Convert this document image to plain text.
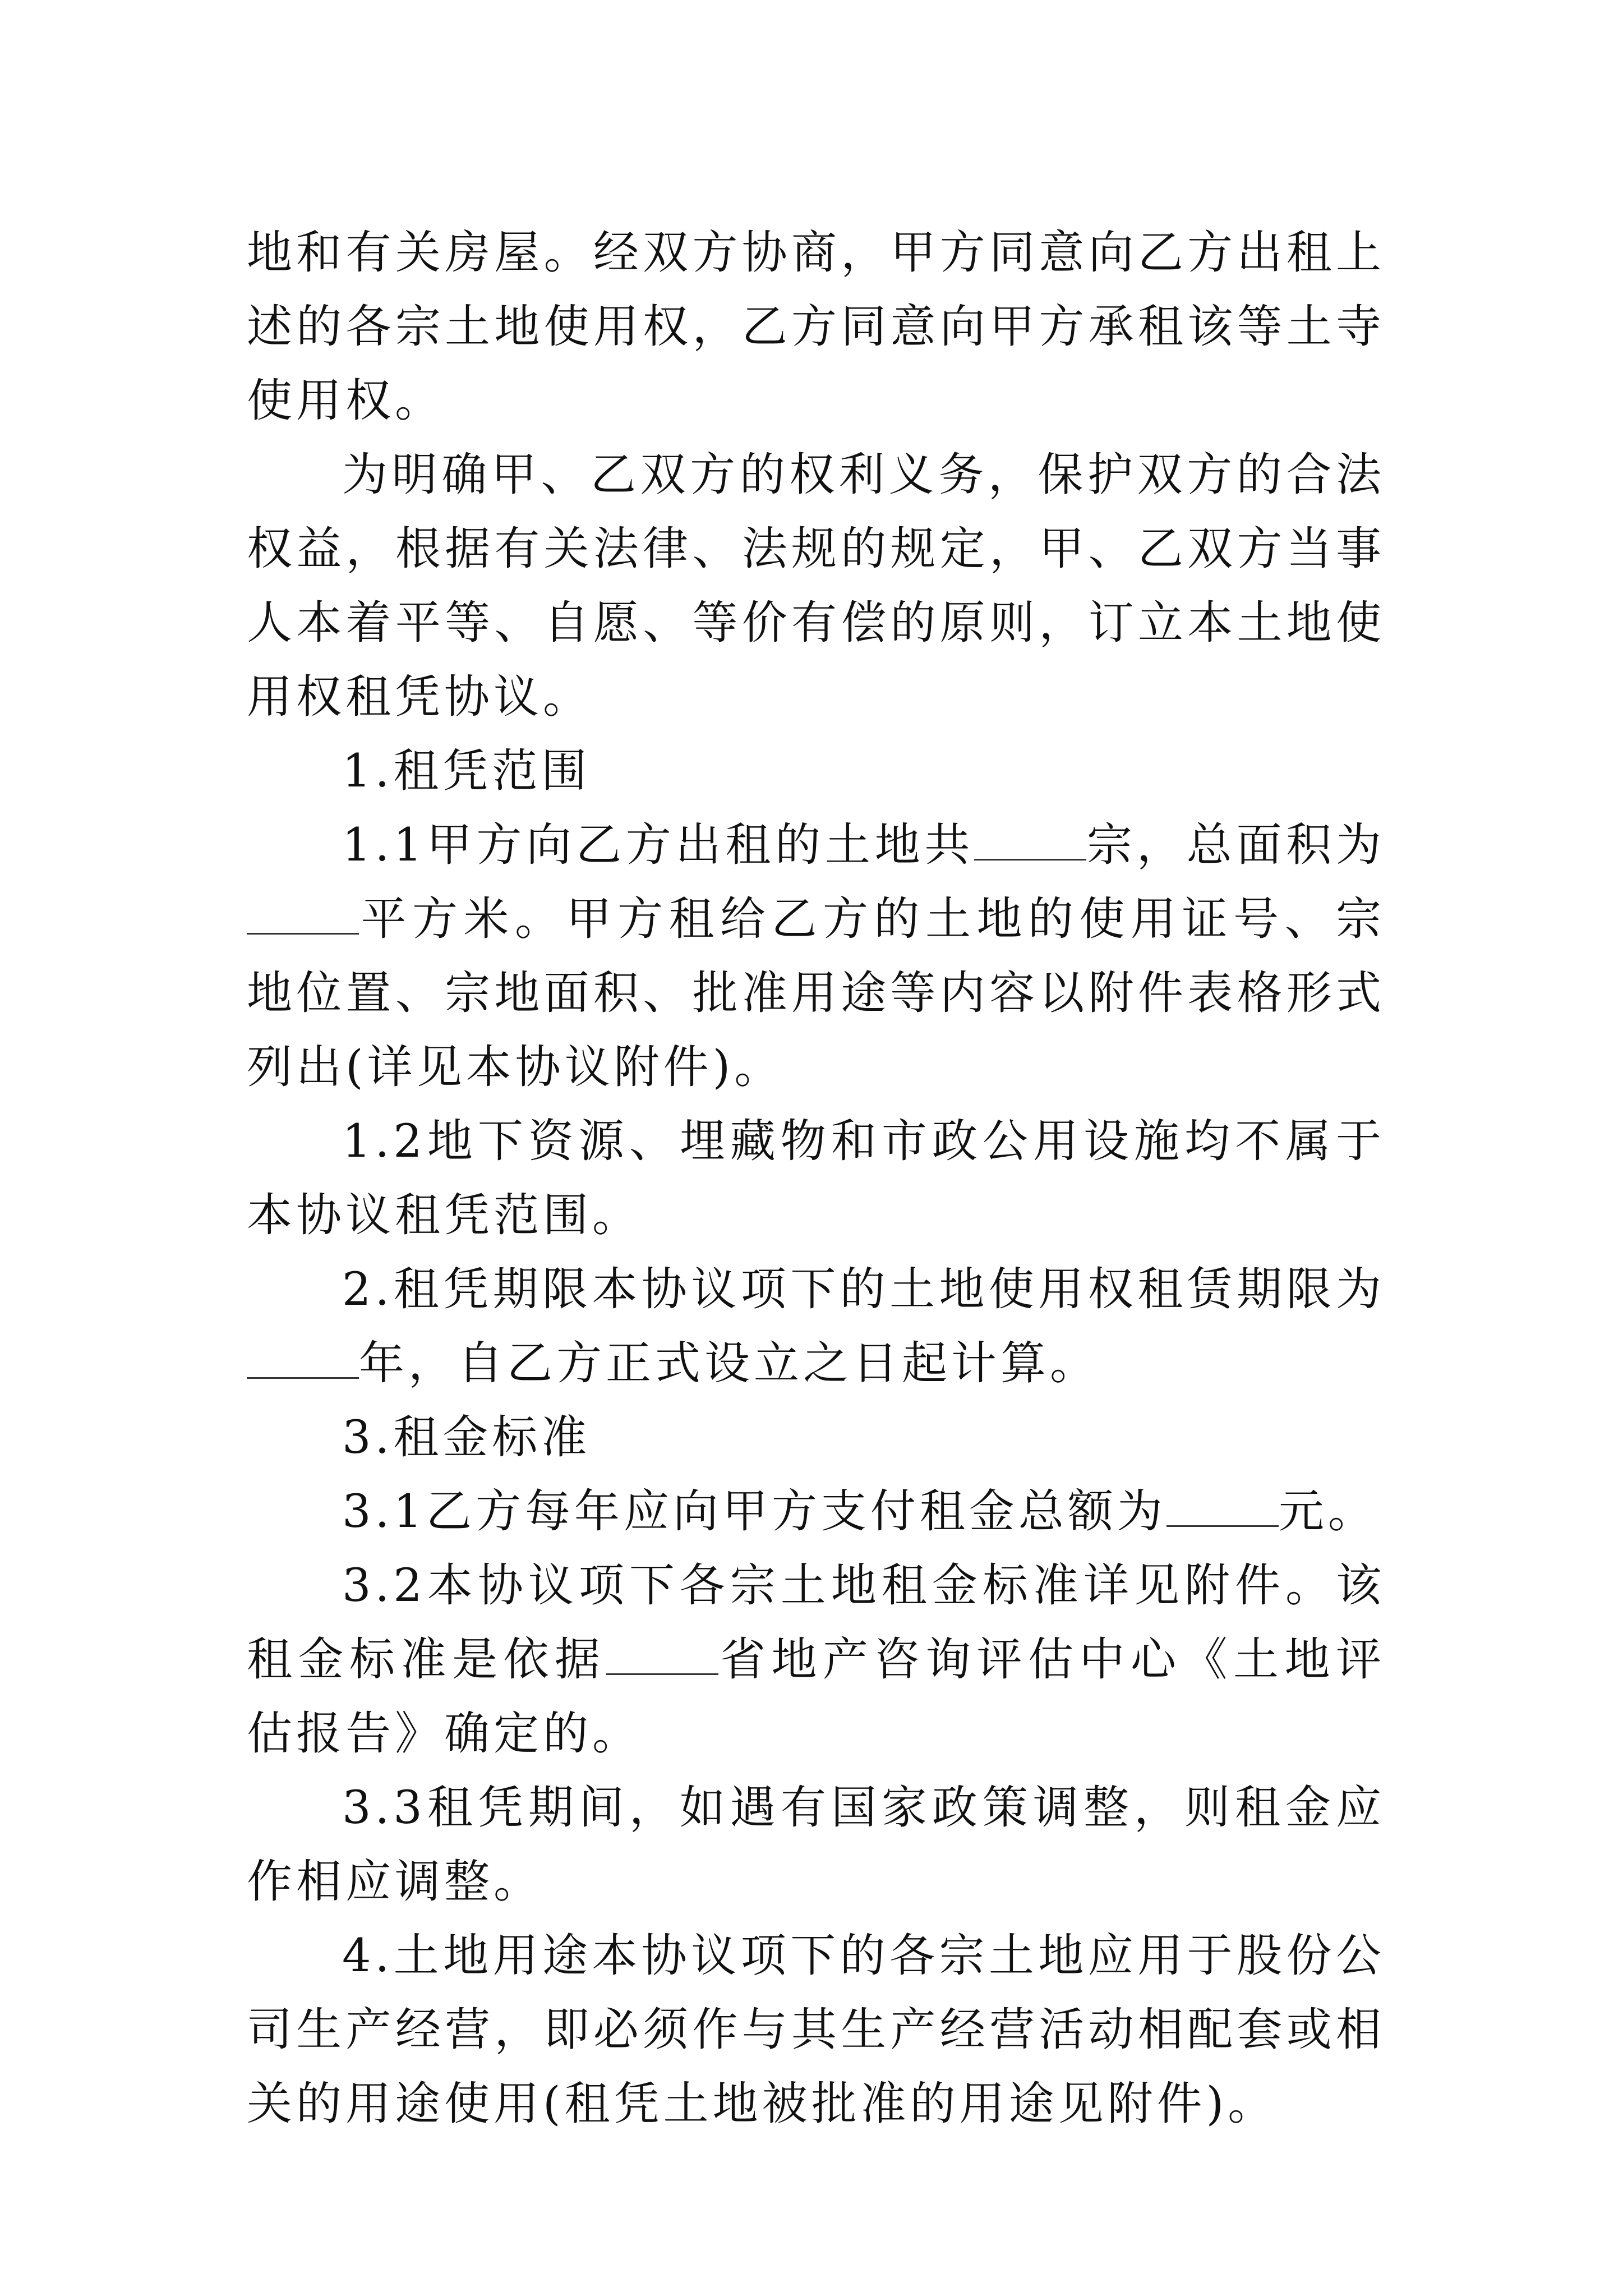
地和有关房屋。经双方协商，甲方同意向乙方出租上述的各宗土地使用权，乙方同意向甲方承租该等土寺使用权。

为明确甲、乙双方的权利义务，保护双方的合法权益，根据有关法律、法规的规定，甲、乙双方当事人本着平等、自愿、等价有偿的原则，订立本土地使用权租凭协议。

1.租凭范围

1.1甲方向乙方出租的土地共 宗，总面积为平方米。甲方租给乙方的土地的使用证号、宗地位置、宗地面积、批准用途等内容以附件表格形式列出(详见本协议附件)。

1.2地下资源、埋藏物和市政公用设施均不属于本协议租凭范围。

2.租凭期限本协议项下的土地使用权租赁期限为年，自乙方正式设立之日起计算。

3.租金标准

3.1乙方每年应向甲方支付租金总额为 元。

3.2本协议项下各宗土地租金标准详见附件。该租金标准是依据 省地产咨询评估中心《土地评估报告》确定的。

3.3租凭期间，如遇有国家政策调整，则租金应作相应调整。

4.土地用途本协议项下的各宗土地应用于股份公司生产经营，即必须作与其生产经营活动相配套或相关的用途使用(租凭土地被批准的用途见附件)。
